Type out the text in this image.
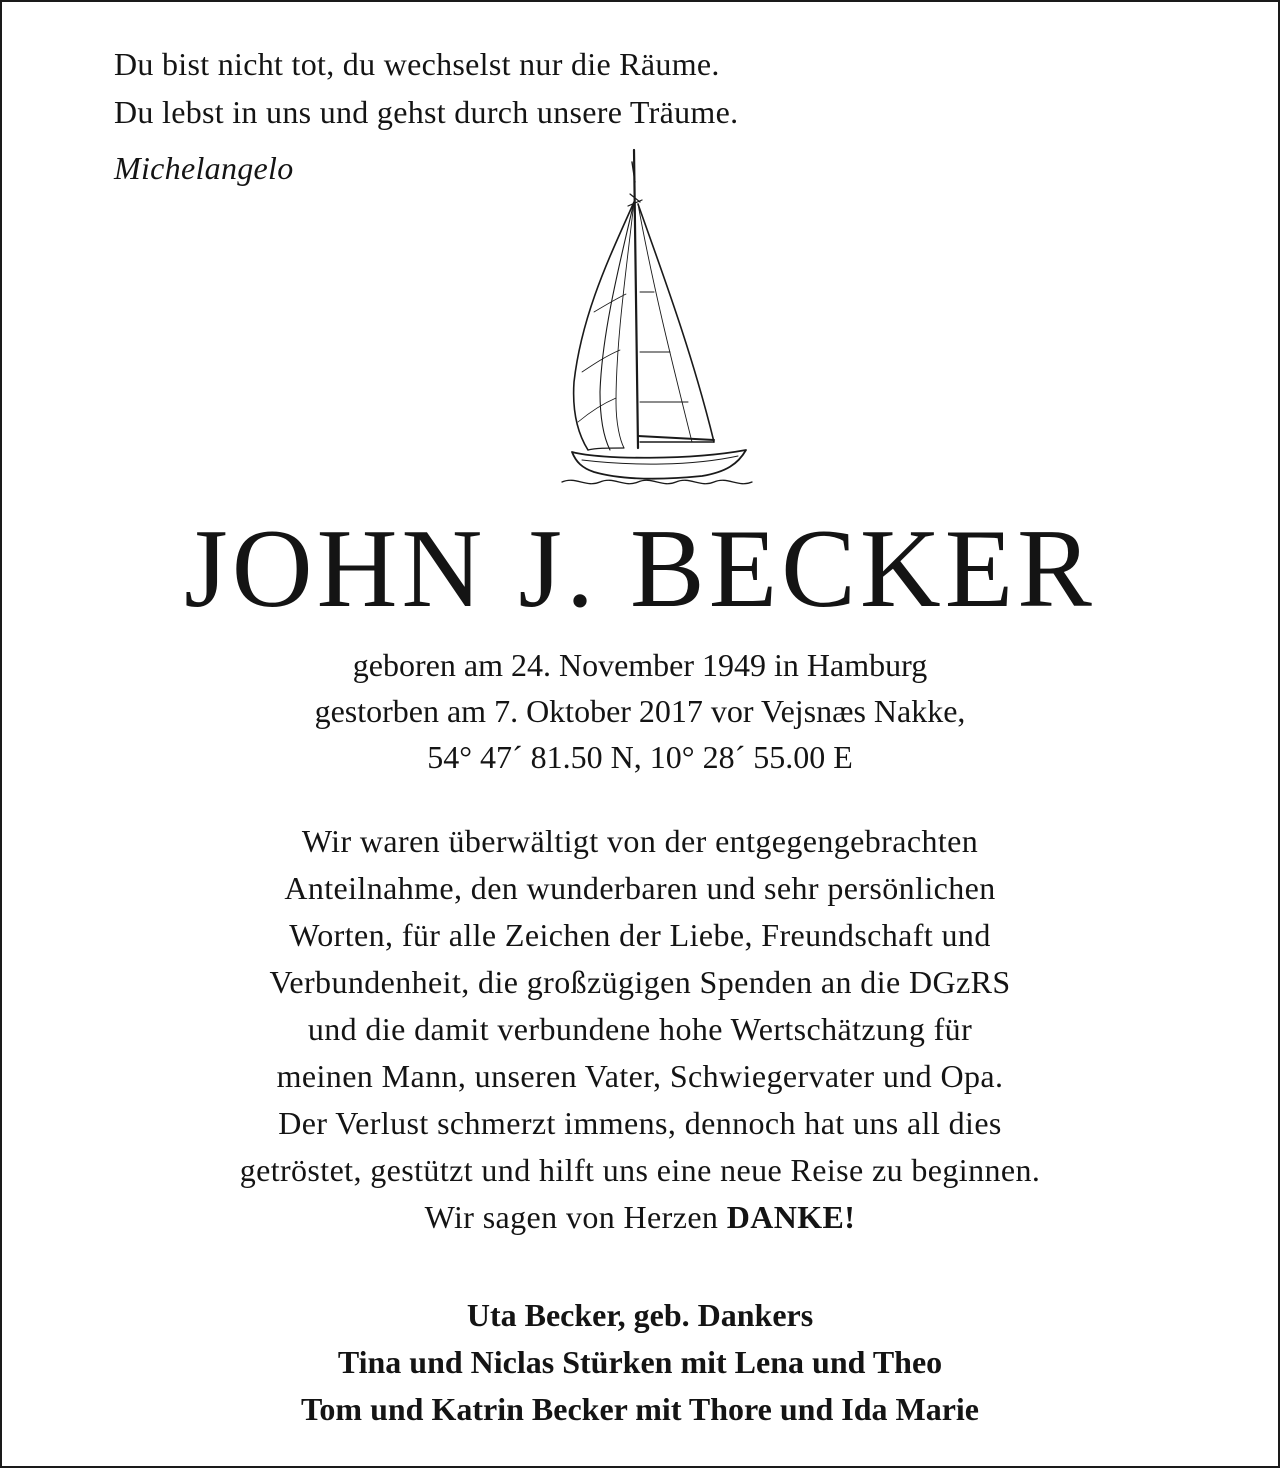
Du bist nicht tot, du wechselst nur die Räume.
Du lebst in uns und gehst durch unsere Träume.
Michelangelo
JOHN J. BECKER
geboren am 24. November 1949 in Hamburg
gestorben am 7. Oktober 2017 vor Vejsnæs Nakke,
54° 47´ 81.50 N, 10° 28´ 55.00 E
Wir waren überwältigt von der entgegengebrachten
Anteilnahme, den wunderbaren und sehr persönlichen
Worten, für alle Zeichen der Liebe, Freundschaft und
Verbundenheit, die großzügigen Spenden an die DGzRS
und die damit verbundene hohe Wertschätzung für
meinen Mann, unseren Vater, Schwiegervater und Opa.
Der Verlust schmerzt immens, dennoch hat uns all dies
getröstet, gestützt und hilft uns eine neue Reise zu beginnen.
Wir sagen von Herzen DANKE!
Uta Becker, geb. Dankers
Tina und Niclas Stürken mit Lena und Theo
Tom und Katrin Becker mit Thore und Ida Marie
